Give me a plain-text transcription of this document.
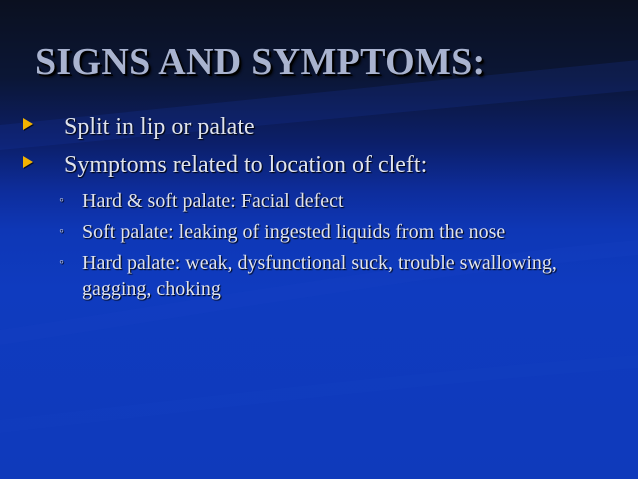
SIGNS AND SYMPTOMS:
Split in lip or palate
Symptoms related to location of cleft:
◦ Hard & soft palate: Facial defect
◦ Soft palate: leaking of ingested liquids from the nose
◦ Hard palate: weak, dysfunctional suck, trouble swallowing, gagging, choking
